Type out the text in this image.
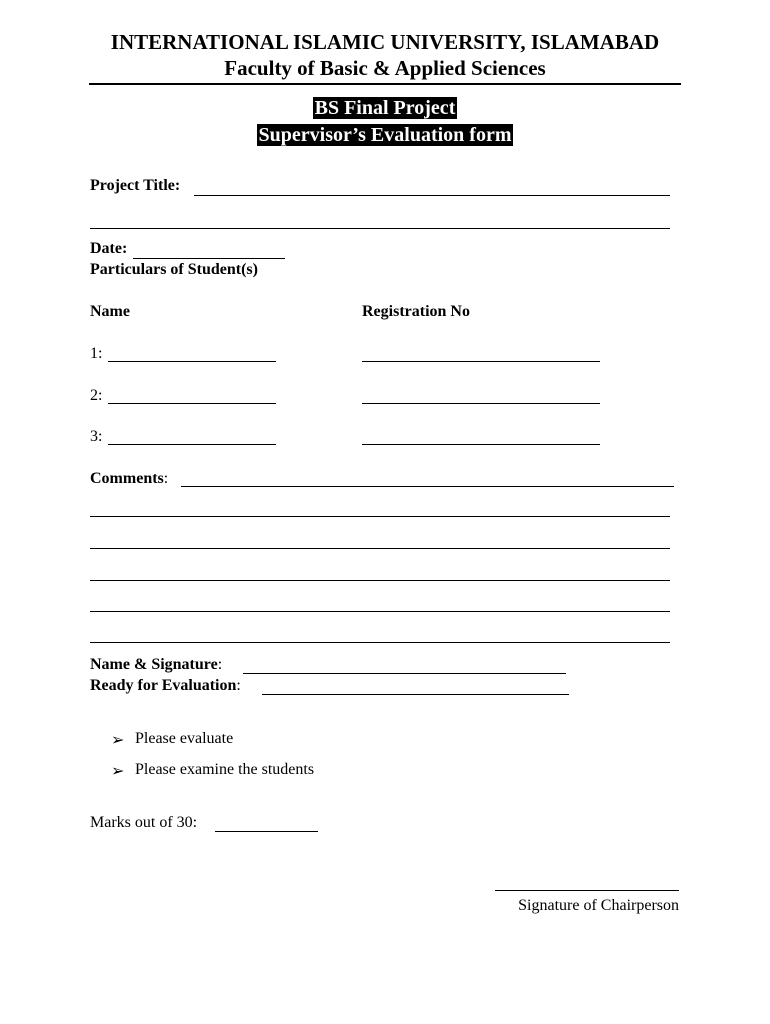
INTERNATIONAL ISLAMIC UNIVERSITY, ISLAMABAD
Faculty of Basic & Applied Sciences
BS Final Project
Supervisor’s Evaluation form
Project Title:
Date:
Particulars of Student(s)
Name	Registration No
1:
2:
3:
Comments:
Name & Signature:
Ready for Evaluation:
➢ Please evaluate
➢ Please examine the students
Marks out of 30:
Signature of Chairperson
